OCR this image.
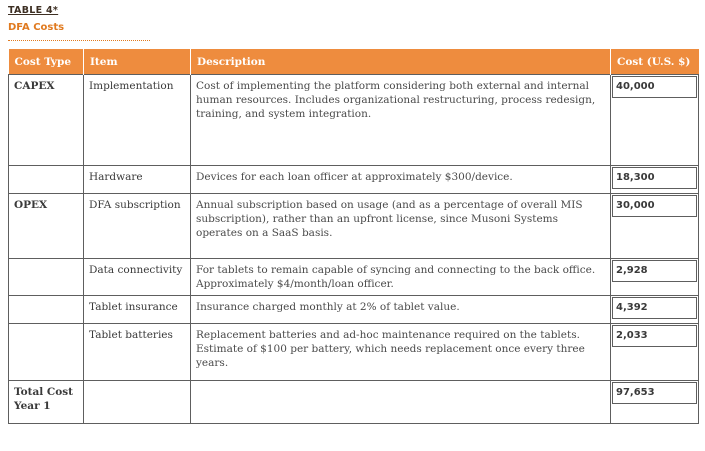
TABLE 4*
DFA Costs
Cost Type	Item	Description	Cost (U.S. $)
CAPEX	Implementation	Cost of implementing the platform considering both external and internal human resources. Includes organizational restructuring, process redesign, training, and system integration.	40,000

	Hardware	Devices for each loan officer at approximately $300/device.	18,300

OPEX	DFA subscription	Annual subscription based on usage (and as a percentage of overall MIS subscription), rather than an upfront license, since Musoni Systems operates on a SaaS basis.	30,000

	Data connectivity	For tablets to remain capable of syncing and connecting to the back office. Approximately $4/month/loan officer.	2,928

	Tablet insurance	Insurance charged monthly at 2% of tablet value.	4,392

	Tablet batteries	Replacement batteries and ad-hoc maintenance required on the tablets. Estimate of $100 per battery, which needs replacement once every three years.	2,033

Total Cost Year 1			97,653
